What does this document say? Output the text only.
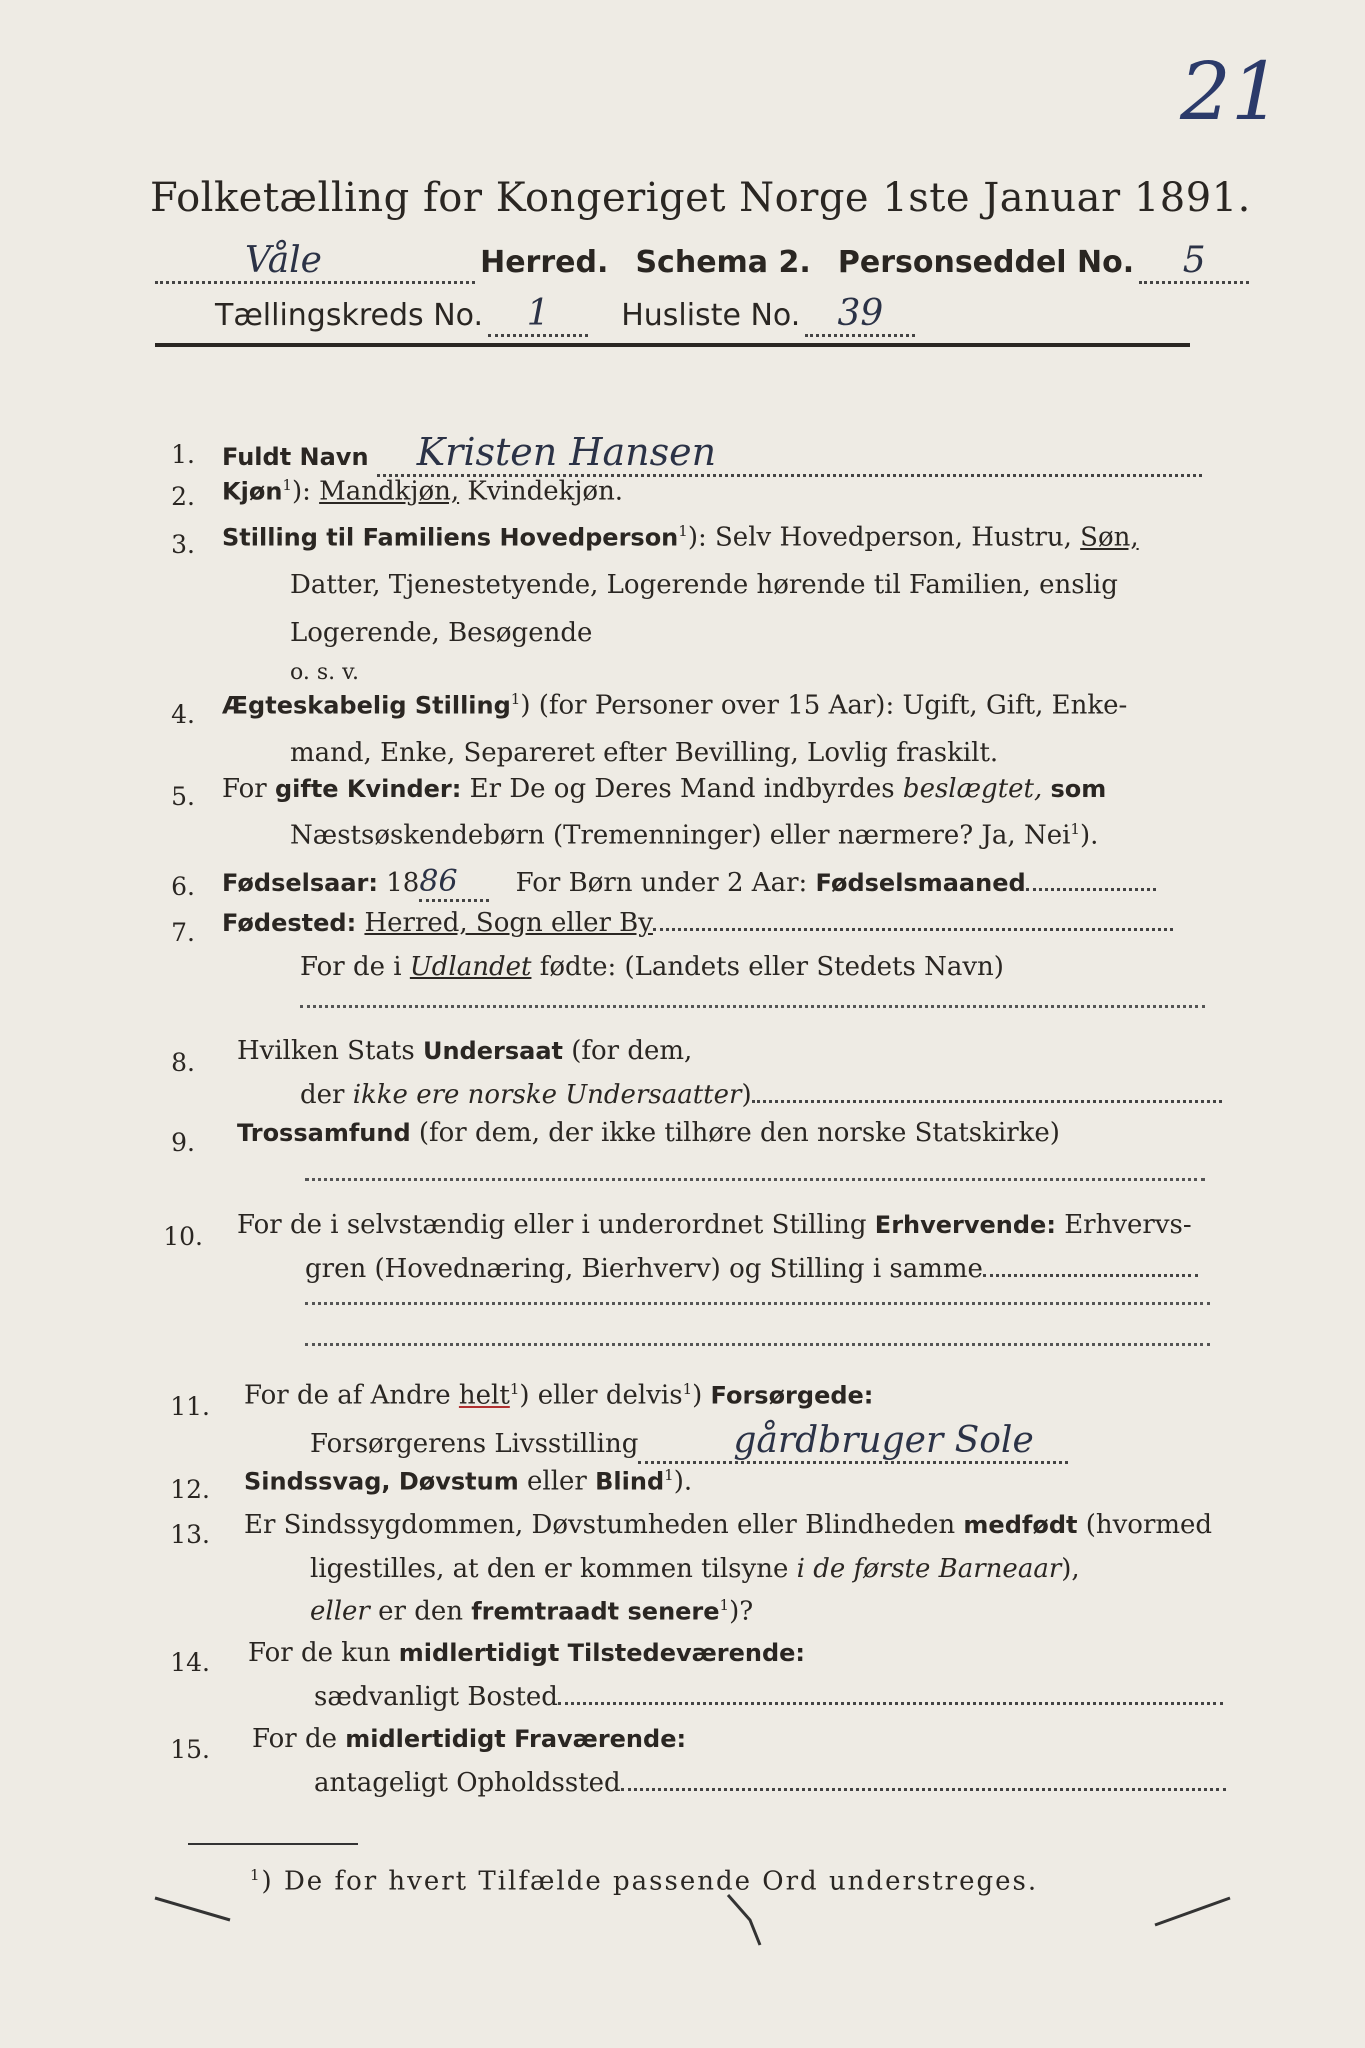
21
Folketælling for Kongeriget Norge 1ste Januar 1891.
Våle	Herred. Schema 2. Personseddel No. 5
Tællingskreds No. 1 Husliste No. 39
1. Fuldt Navn Kristen Hansen
2. Kjøn$^1$): Mandkjøn, Kvindekjøn.
3. Stilling til Familiens Hovedperson$^1$): Selv Hovedperson, Hustru, Søn,
Datter, Tjenestetyende, Logerende hørende til Familien, enslig
Logerende, Besøgende
o. s. v.
4. Ægteskabelig Stilling$^1$) (for Personer over 15 Aar): Ugift, Gift, Enke-
mand, Enke, Separeret efter Bevilling, Lovlig fraskilt.
5. For gifte Kvinder: Er De og Deres Mand indbyrdes beslægtet, som
Næstsøskendebørn (Tremenninger) eller nærmere? Ja, Nei$^1$).
6. Fødselsaar: 1886 For Børn under 2 Aar: Fødselsmaaned
7. Fødested: Herred, Sogn eller By
For de i Udlandet fødte: (Landets eller Stedets Navn)
8. Hvilken Stats Undersaat (for dem,
der ikke ere norske Undersaatter)
9. Trossamfund (for dem, der ikke tilhøre den norske Statskirke)
10. For de i selvstændig eller i underordnet Stilling Erhvervende: Erhvervs-
gren (Hovednæring, Bierhverv) og Stilling i samme
11. For de af Andre helt$^1$) eller delvis$^1$) Forsørgede:
Forsørgerens Livsstilling	gårdbruger Sole
12. Sindssvag, Døvstum eller Blind$^1$).
13. Er Sindssygdommen, Døvstumheden eller Blindheden medfødt (hvormed
ligestilles, at den er kommen tilsyne i de første Barneaar),
eller er den fremtraadt senere$^1$)?
14. For de kun midlertidigt Tilstedeværende:
sædvanligt Bosted
15. For de midlertidigt Fraværende:
antageligt Opholdssted
$^1$) De for hvert Tilfælde passende Ord understreges.
